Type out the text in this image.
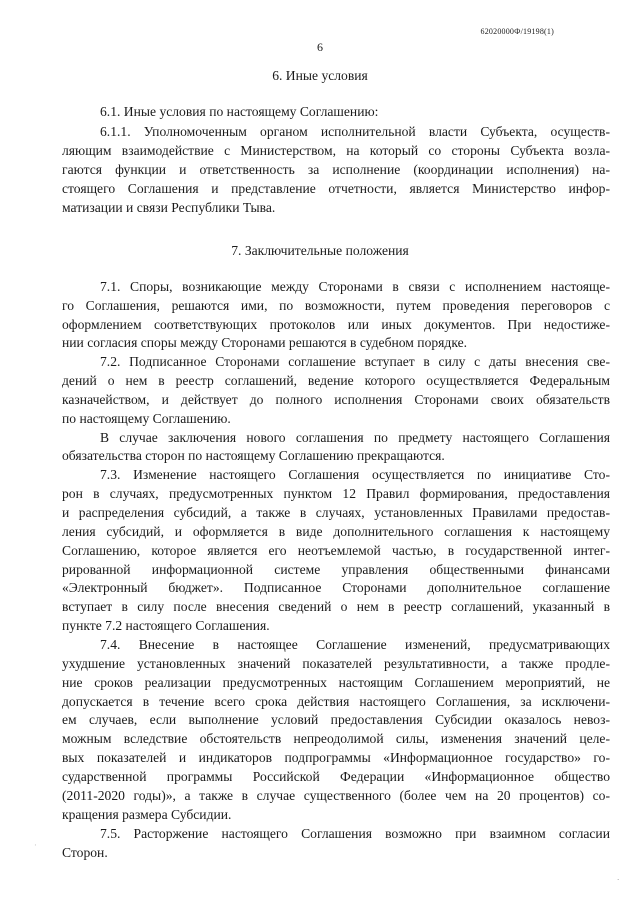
62020000Ф/19198(1)
6
6. Иные условия
6.1. Иные условия по настоящему Соглашению:
6.1.1. Уполномоченным органом исполнительной власти Субъекта, осуществ-
ляющим взаимодействие с Министерством, на который со стороны Субъекта возла-
гаются функции и ответственность за исполнение (координации исполнения) на-
стоящего Соглашения и представление отчетности, является Министерство инфор-
матизации и связи Республики Тыва.
7. Заключительные положения
7.1. Споры, возникающие между Сторонами в связи с исполнением настояще-
го Соглашения, решаются ими, по возможности, путем проведения переговоров с
оформлением соответствующих протоколов или иных документов. При недостиже-
нии согласия споры между Сторонами решаются в судебном порядке.
7.2. Подписанное Сторонами соглашение вступает в силу с даты внесения све-
дений о нем в реестр соглашений, ведение которого осуществляется Федеральным
казначейством, и действует до полного исполнения Сторонами своих обязательств
по настоящему Соглашению.
В случае заключения нового соглашения по предмету настоящего Соглашения
обязательства сторон по настоящему Соглашению прекращаются.
7.3. Изменение настоящего Соглашения осуществляется по инициативе Сто-
рон в случаях, предусмотренных пунктом 12 Правил формирования, предоставления
и распределения субсидий, а также в случаях, установленных Правилами предостав-
ления субсидий, и оформляется в виде дополнительного соглашения к настоящему
Соглашению, которое является его неотъемлемой частью, в государственной интег-
рированной информационной системе управления общественными финансами
«Электронный бюджет». Подписанное Сторонами дополнительное соглашение
вступает в силу после внесения сведений о нем в реестр соглашений, указанный в
пункте 7.2 настоящего Соглашения.
7.4. Внесение в настоящее Соглашение изменений, предусматривающих
ухудшение установленных значений показателей результативности, а также продле-
ние сроков реализации предусмотренных настоящим Соглашением мероприятий, не
допускается в течение всего срока действия настоящего Соглашения, за исключени-
ем случаев, если выполнение условий предоставления Субсидии оказалось невоз-
можным вследствие обстоятельств непреодолимой силы, изменения значений целе-
вых показателей и индикаторов подпрограммы «Информационное государство» го-
сударственной программы Российской Федерации «Информационное общество
(2011-2020 годы)», а также в случае существенного (более чем на 20 процентов) со-
кращения размера Субсидии.
7.5. Расторжение настоящего Соглашения возможно при взаимном согласии
Сторон.
ˌ
ˊ
